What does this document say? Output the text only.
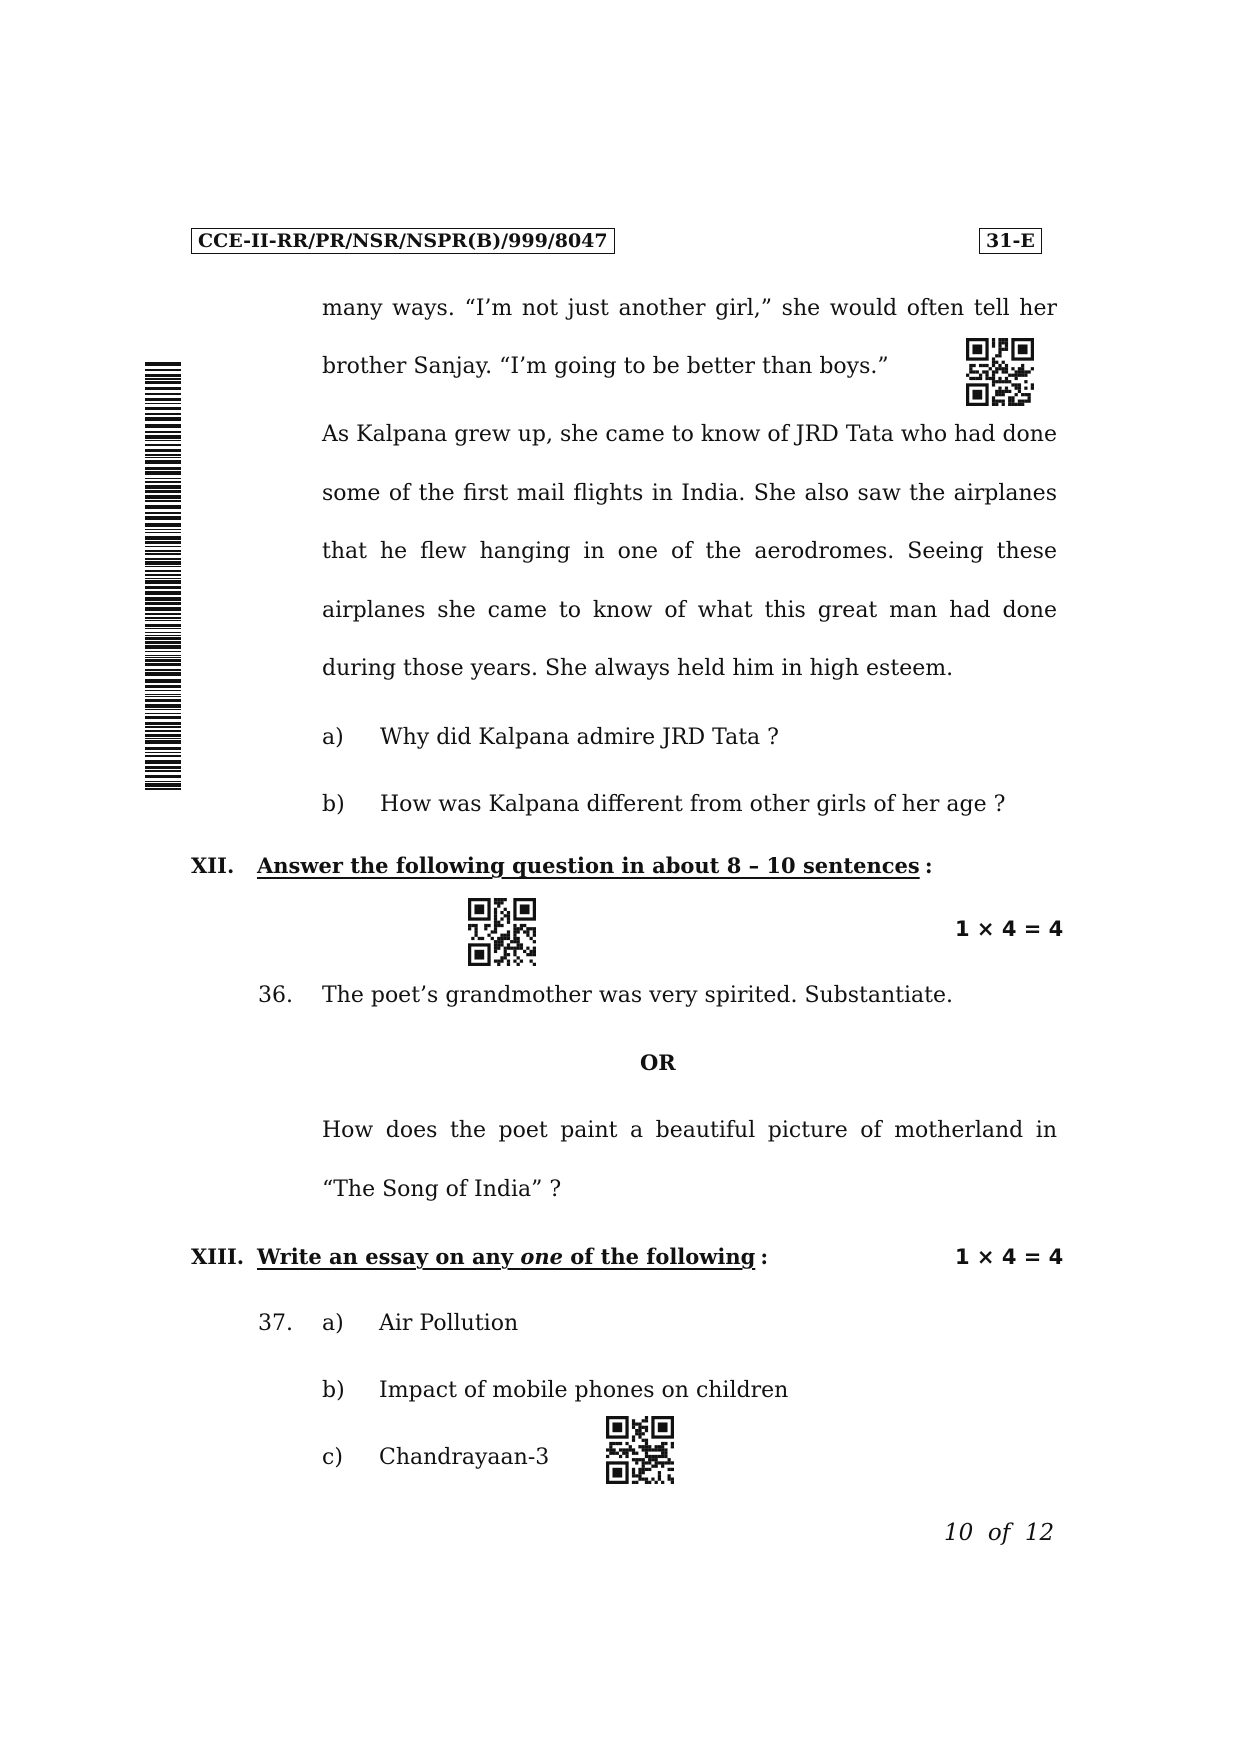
CCE-II-RR/PR/NSR/NSPR(B)/999/8047	31-E
many ways. “I’m not just another girl,” she would often tell her
brother Sanjay. “I’m going to be better than boys.”
As Kalpana grew up, she came to know of JRD Tata who had done some of the first mail flights in India. She also saw the airplanes that he flew hanging in one of the aerodromes. Seeing these airplanes she came to know of what this great man had done during those years. She always held him in high esteem.
a) Why did Kalpana admire JRD Tata ?
b) How was Kalpana different from other girls of her age ?
XII. Answer the following question in about 8 – 10 sentences :
1 × 4 = 4
36. The poet’s grandmother was very spirited. Substantiate.
OR
How does the poet paint a beautiful picture of motherland in “The Song of India” ?
XIII. Write an essay on any one of the following :	1 × 4 = 4
37. a) Air Pollution
b) Impact of mobile phones on children
c) Chandrayaan-3
10 of 12
